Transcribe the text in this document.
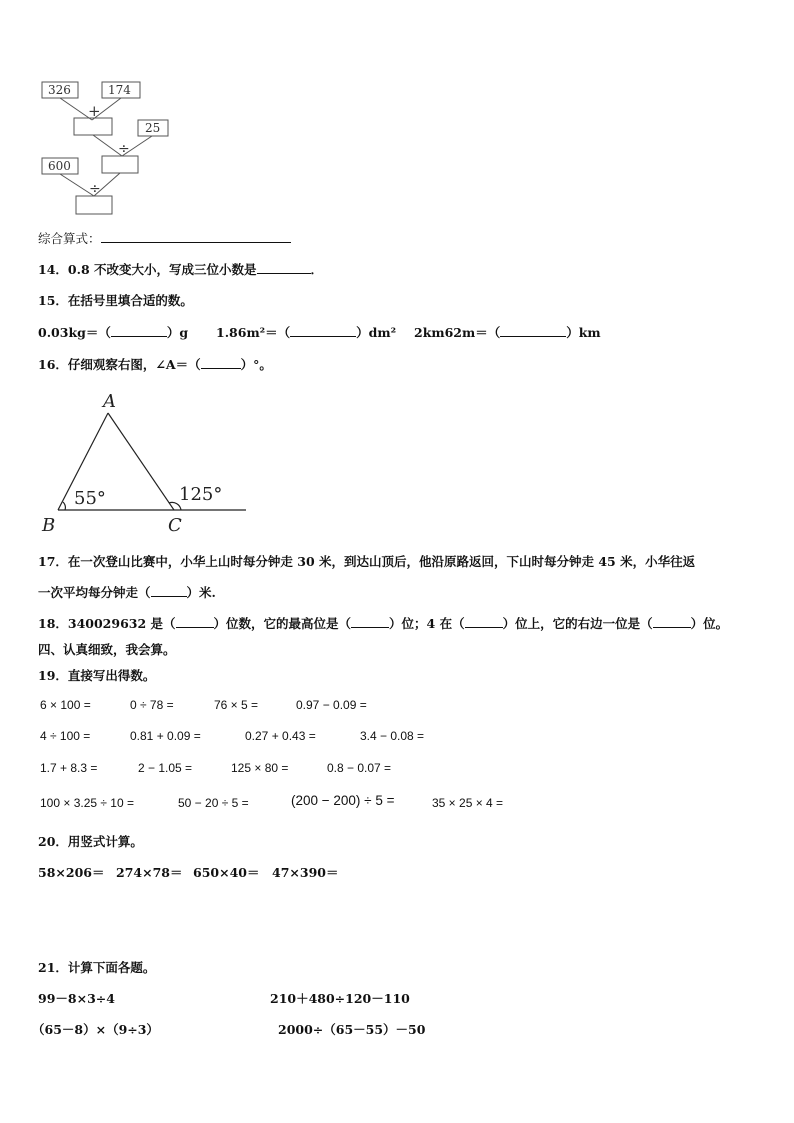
326	174
+
25
÷
600
÷
综合算式：
14．0.8 不改变大小，写成三位小数是	．
15．在括号里填合适的数。
0.03kg＝（	）g 1.86m²＝（	）dm² 2km62m＝（	）km
16．仔细观察右图，∠A＝（	）°。
A
B	C
55°	125°
17．在一次登山比赛中，小华上山时每分钟走 30 米，到达山顶后，他沿原路返回，下山时每分钟走 45 米，小华往返
一次平均每分钟走（	）米.
18．340029632 是（	）位数，它的最高位是（	）位；4 在（	）位上，它的右边一位是（	）位。
四、认真细致，我会算。
19．直接写出得数。
6 × 100 =	0 ÷ 78 =	76 × 5 =	0.97 − 0.09 =
4 ÷ 100 =	0.81 + 0.09 =	0.27 + 0.43 =	3.4 − 0.08 =
1.7 + 8.3 =	2 − 1.05 =	125 × 80 =	0.8 − 0.07 =
100 × 3.25 ÷ 10 =	50 − 20 ÷ 5 =	(200 − 200) ÷ 5 =	35 × 25 × 4 =
20．用竖式计算。
58×206＝ 274×78＝ 650×40＝ 47×390＝
21．计算下面各题。
99－8×3÷4	210＋480÷120－110
（65－8）×（9÷3）	2000÷（65－55）－50
